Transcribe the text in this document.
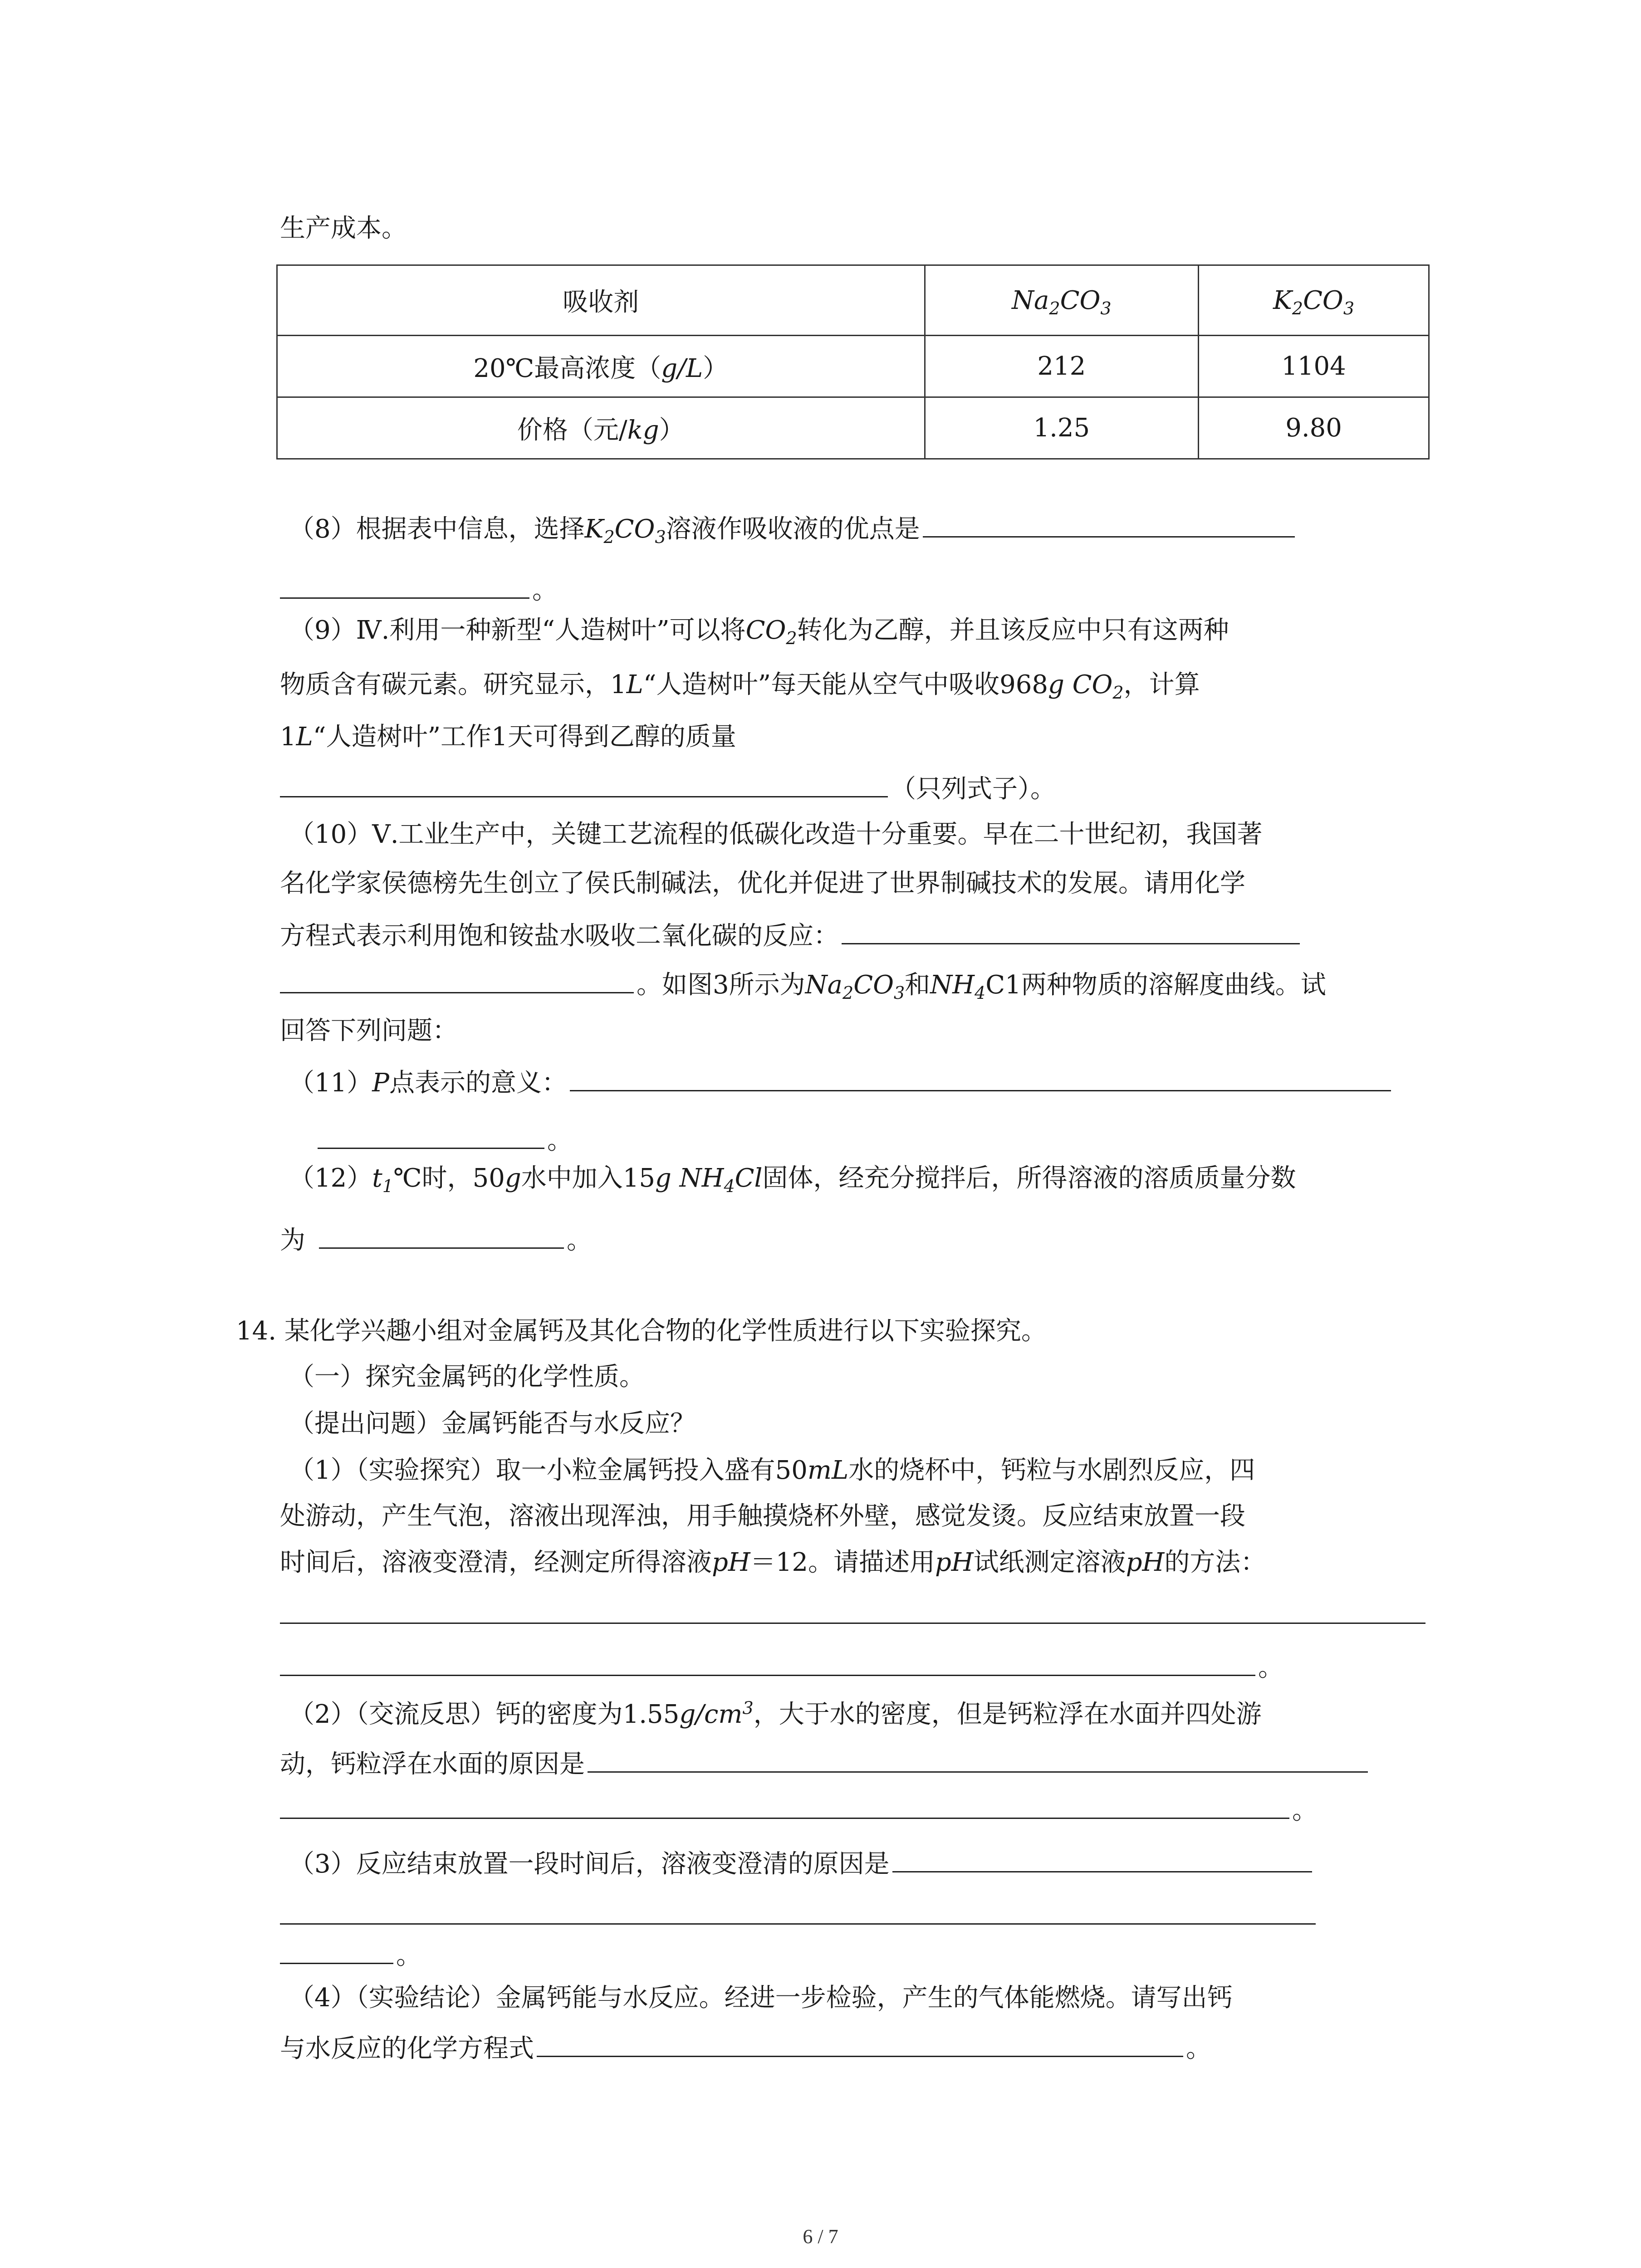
生产成本。
吸收剂	$Na_2CO_3$	$K_2CO_3$
20℃最高浓度（g/L）	212	1104
价格（元/kg）	1.25	9.80
（8）根据表中信息，选择$K_2CO_3$溶液作吸收液的优点是
。
（9）Ⅳ.利用一种新型“人造树叶”可以将$CO_2$转化为乙醇，并且该反应中只有这两种
物质含有碳元素。研究显示，1L“人造树叶”每天能从空气中吸收968g $CO_2$，计算
1L“人造树叶”工作1天可得到乙醇的质量
（只列式子）。
（10）Ⅴ.工业生产中，关键工艺流程的低碳化改造十分重要。早在二十世纪初，我国著
名化学家侯德榜先生创立了侯氏制碱法，优化并促进了世界制碱技术的发展。请用化学
方程式表示利用饱和铵盐水吸收二氧化碳的反应：
。如图3所示为$Na_2CO_3$和$NH_4C1$两种物质的溶解度曲线。试
回答下列问题：
（11）P点表示的意义：
。
$(12)t_1℃$时，50g水中加入15g $NH_4Cl$固体，经充分搅拌后，所得溶液的溶质质量分数
为	。
14. 某化学兴趣小组对金属钙及其化合物的化学性质进行以下实验探究。
（一）探究金属钙的化学性质。
（提出问题）金属钙能否与水反应？
（1）（实验探究）取一小粒金属钙投入盛有50mL水的烧杯中，钙粒与水剧烈反应，四
处游动，产生气泡，溶液出现浑浊，用手触摸烧杯外壁，感觉发烫。反应结束放置一段
时间后，溶液变澄清，经测定所得溶液pH＝12。请描述用pH试纸测定溶液pH的方法：
。
（2）（交流反思）钙的密度为$1.55g/cm^3$，大于水的密度，但是钙粒浮在水面并四处游
动，钙粒浮在水面的原因是
。
（3）反应结束放置一段时间后，溶液变澄清的原因是
。
（4）（实验结论）金属钙能与水反应。经进一步检验，产生的气体能燃烧。请写出钙
与水反应的化学方程式	。
6 / 7
